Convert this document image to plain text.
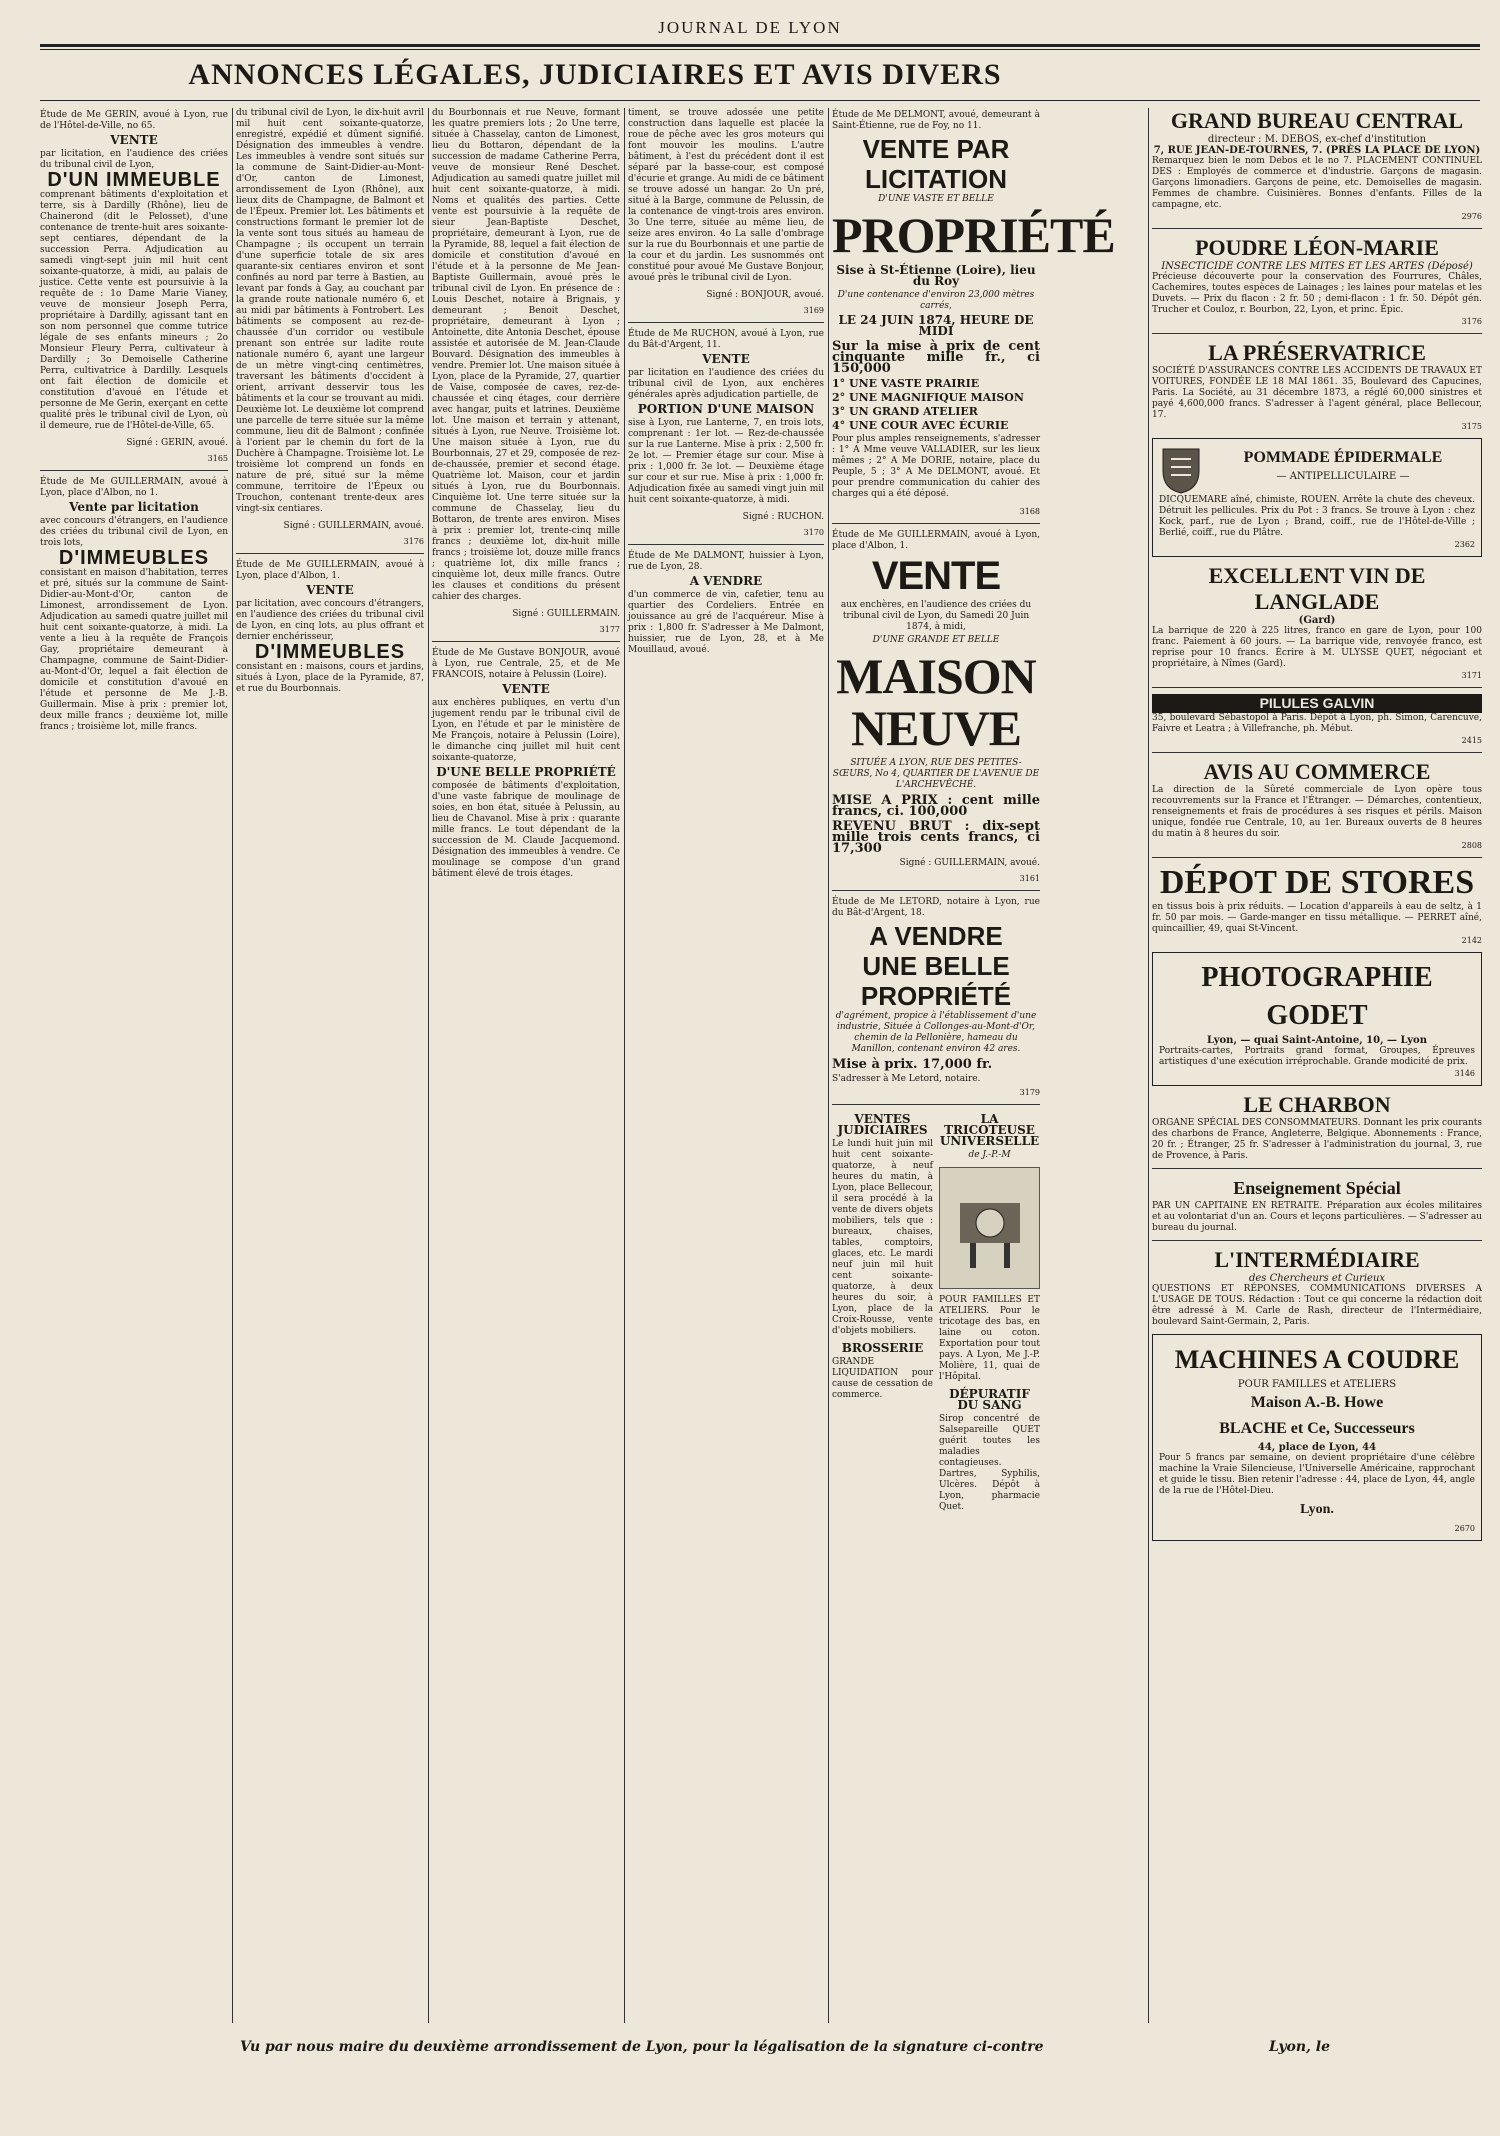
JOURNAL DE LYON
ANNONCES LÉGALES, JUDICIAIRES ET AVIS DIVERS
Étude de Me GERIN, avoué à Lyon, rue de l'Hôtel-de-Ville, no 65.
VENTE
par licitation, en l'audience des criées du tribunal civil de Lyon,
D'UN IMMEUBLE
comprenant bâtiments d'exploitation et terre, sis à Dardilly (Rhône), lieu de Chainerond (dit le Pelosset), d'une contenance de trente-huit ares soixante-sept centiares, dépendant de la succession Perra. Adjudication au samedi vingt-sept juin mil huit cent soixante-quatorze, à midi, au palais de justice. Cette vente est poursuivie à la requête de : 1o Dame Marie Vianey, veuve de monsieur Joseph Perra, propriétaire à Dardilly, agissant tant en son nom personnel que comme tutrice légale de ses enfants mineurs ; 2o Monsieur Fleury Perra, cultivateur à Dardilly ; 3o Demoiselle Catherine Perra, cultivatrice à Dardilly. Lesquels ont fait élection de domicile et constitution d'avoué en l'étude et personne de Me Gerin, exerçant en cette qualité près le tribunal civil de Lyon, où il demeure, rue de l'Hôtel-de-Ville, 65.
Signé : GERIN, avoué.
3165
Étude de Me GUILLERMAIN, avoué à Lyon, place d'Albon, no 1.
Vente par licitation
avec concours d'étrangers, en l'audience des criées du tribunal civil de Lyon, en trois lots,
D'IMMEUBLES
consistant en maison d'habitation, terres et pré, situés sur la commune de Saint-Didier-au-Mont-d'Or, canton de Limonest, arrondissement de Lyon. Adjudication au samedi quatre juillet mil huit cent soixante-quatorze, à midi. La vente a lieu à la requête de François Gay, propriétaire demeurant à Champagne, commune de Saint-Didier-au-Mont-d'Or, lequel a fait élection de domicile et constitution d'avoué en l'étude et personne de Me J.-B. Guillermain. Mise à prix : premier lot, deux mille francs ; deuxième lot, mille francs ; troisième lot, mille francs.
du tribunal civil de Lyon, le dix-huit avril mil huit cent soixante-quatorze, enregistré, expédié et dûment signifié. Désignation des immeubles à vendre. Les immeubles à vendre sont situés sur la commune de Saint-Didier-au-Mont-d'Or, canton de Limonest, arrondissement de Lyon (Rhône), aux lieux dits de Champagne, de Balmont et de l'Épeux. Premier lot. Les bâtiments et constructions formant le premier lot de la vente sont tous situés au hameau de Champagne ; ils occupent un terrain d'une superficie totale de six ares quarante-six centiares environ et sont confinés au nord par terre à Bastien, au levant par fonds à Gay, au couchant par la grande route nationale numéro 6, et au midi par bâtiments à Fontrobert. Les bâtiments se composent au rez-de-chaussée d'un corridor ou vestibule prenant son entrée sur ladite route nationale numéro 6, ayant une largeur de un mètre vingt-cinq centimètres, traversant les bâtiments d'occident à orient, arrivant desservir tous les bâtiments et la cour se trouvant au midi. Deuxième lot. Le deuxième lot comprend une parcelle de terre située sur la même commune, lieu dit de Balmont ; confinée à l'orient par le chemin du fort de la Duchère à Champagne. Troisième lot. Le troisième lot comprend un fonds en nature de pré, situé sur la même commune, territoire de l'Épeux ou Trouchon, contenant trente-deux ares vingt-six centiares.
Signé : GUILLERMAIN, avoué.
3176
Étude de Me GUILLERMAIN, avoué à Lyon, place d'Albon, 1.
VENTE
par licitation, avec concours d'étrangers, en l'audience des criées du tribunal civil de Lyon, en cinq lots, au plus offrant et dernier enchérisseur,
D'IMMEUBLES
consistant en : maisons, cours et jardins, situés à Lyon, place de la Pyramide, 87, et rue du Bourbonnais.
du Bourbonnais et rue Neuve, formant les quatre premiers lots ; 2o Une terre, située à Chasselay, canton de Limonest, lieu du Bottaron, dépendant de la succession de madame Catherine Perra, veuve de monsieur René Deschet. Adjudication au samedi quatre juillet mil huit cent soixante-quatorze, à midi. Noms et qualités des parties. Cette vente est poursuivie à la requête de sieur Jean-Baptiste Deschet, propriétaire, demeurant à Lyon, rue de la Pyramide, 88, lequel a fait élection de domicile et constitution d'avoué en l'étude et à la personne de Me Jean-Baptiste Guillermain, avoué près le tribunal civil de Lyon. En présence de : Louis Deschet, notaire à Brignais, y demeurant ; Benoit Deschet, propriétaire, demeurant à Lyon ; Antoinette, dite Antonia Deschet, épouse assistée et autorisée de M. Jean-Claude Bouvard. Désignation des immeubles à vendre. Premier lot. Une maison située à Lyon, place de la Pyramide, 27, quartier de Vaise, composée de caves, rez-de-chaussée et cinq étages, cour derrière avec hangar, puits et latrines. Deuxième lot. Une maison et terrain y attenant, situés à Lyon, rue Neuve. Troisième lot. Une maison située à Lyon, rue du Bourbonnais, 27 et 29, composée de rez-de-chaussée, premier et second étage. Quatrième lot. Maison, cour et jardin situés à Lyon, rue du Bourbonnais. Cinquième lot. Une terre située sur la commune de Chasselay, lieu du Bottaron, de trente ares environ. Mises à prix : premier lot, trente-cinq mille francs ; deuxième lot, dix-huit mille francs ; troisième lot, douze mille francs ; quatrième lot, dix mille francs ; cinquième lot, deux mille francs. Outre les clauses et conditions du présent cahier des charges.
Signé : GUILLERMAIN.
3177
Étude de Me Gustave BONJOUR, avoué à Lyon, rue Centrale, 25, et de Me FRANCOIS, notaire à Pelussin (Loire).
VENTE
aux enchères publiques, en vertu d'un jugement rendu par le tribunal civil de Lyon, en l'étude et par le ministère de Me François, notaire à Pelussin (Loire), le dimanche cinq juillet mil huit cent soixante-quatorze,
D'UNE BELLE PROPRIÉTÉ
composée de bâtiments d'exploitation, d'une vaste fabrique de moulinage de soies, en bon état, située à Pelussin, au lieu de Chavanol. Mise à prix : quarante mille francs. Le tout dépendant de la succession de M. Claude Jacquemond. Désignation des immeubles à vendre. Ce moulinage se compose d'un grand bâtiment élevé de trois étages.
timent, se trouve adossée une petite construction dans laquelle est placée la roue de pêche avec les gros moteurs qui font mouvoir les moulins. L'autre bâtiment, à l'est du précédent dont il est séparé par la basse-cour, est composé d'écurie et grange. Au midi de ce bâtiment se trouve adossé un hangar. 2o Un pré, situé à la Barge, commune de Pelussin, de la contenance de vingt-trois ares environ. 3o Une terre, située au même lieu, de seize ares environ. 4o La salle d'ombrage sur la rue du Bourbonnais et une partie de la cour et du jardin. Les susnommés ont constitué pour avoué Me Gustave Bonjour, avoué près le tribunal civil de Lyon.
Signé : BONJOUR, avoué.
3169
Étude de Me RUCHON, avoué à Lyon, rue du Bât-d'Argent, 11.
VENTE
par licitation en l'audience des criées du tribunal civil de Lyon, aux enchères générales après adjudication partielle, de
PORTION D'UNE MAISON
sise à Lyon, rue Lanterne, 7, en trois lots, comprenant : 1er lot. — Rez-de-chaussée sur la rue Lanterne. Mise à prix : 2,500 fr. 2e lot. — Premier étage sur cour. Mise à prix : 1,000 fr. 3e lot. — Deuxième étage sur cour et sur rue. Mise à prix : 1,000 fr. Adjudication fixée au samedi vingt juin mil huit cent soixante-quatorze, à midi.
Signé : RUCHON.
3170
Étude de Me DALMONT, huissier à Lyon, rue de Lyon, 28.
A VENDRE
d'un commerce de vin, cafetier, tenu au quartier des Cordeliers. Entrée en jouissance au gré de l'acquéreur. Mise à prix : 1,800 fr. S'adresser à Me Dalmont, huissier, rue de Lyon, 28, et à Me Mouillaud, avoué.
Étude de Me DELMONT, avoué, demeurant à Saint-Étienne, rue de Foy, no 11.
VENTE PAR LICITATION
D'UNE VASTE ET BELLE
PROPRIÉTÉ
Sise à St-Étienne (Loire), lieu du Roy
D'une contenance d'environ 23,000 mètres carrés,
LE 24 JUIN 1874, HEURE DE MIDI
Sur la mise à prix de cent cinquante mille fr., ci 150,000
1° UNE VASTE PRAIRIE
2° UNE MAGNIFIQUE MAISON
3° UN GRAND ATELIER
4° UNE COUR AVEC ÉCURIE
Pour plus amples renseignements, s'adresser : 1° A Mme veuve VALLADIER, sur les lieux mêmes ; 2° A Me DORIE, notaire, place du Peuple, 5 ; 3° A Me DELMONT, avoué. Et pour prendre communication du cahier des charges qui a été déposé.
3168
Étude de Me GUILLERMAIN, avoué à Lyon, place d'Albon, 1.
VENTE
aux enchères, en l'audience des criées du tribunal civil de Lyon, du Samedi 20 Juin 1874, à midi,
D'UNE GRANDE ET BELLE
MAISON NEUVE
SITUÉE A LYON, RUE DES PETITES-SŒURS, No 4, QUARTIER DE L'AVENUE DE L'ARCHEVÊCHÉ.
MISE A PRIX : cent mille francs, ci. 100,000
REVENU BRUT : dix-sept mille trois cents francs, ci 17,300
Signé : GUILLERMAIN, avoué.
3161
Étude de Me LETORD, notaire à Lyon, rue du Bât-d'Argent, 18.
A VENDRE
UNE BELLE PROPRIÉTÉ
d'agrément, propice à l'établissement d'une industrie, Située à Collonges-au-Mont-d'Or, chemin de la Pellonière, hameau du Manillon, contenant environ 42 ares.
Mise à prix. 17,000 fr.
S'adresser à Me Letord, notaire.
3179
VENTES JUDICIAIRES
Le lundi huit juin mil huit cent soixante-quatorze, à neuf heures du matin, à Lyon, place Bellecour, il sera procédé à la vente de divers objets mobiliers, tels que : bureaux, chaises, tables, comptoirs, glaces, etc. Le mardi neuf juin mil huit cent soixante-quatorze, à deux heures du soir, à Lyon, place de la Croix-Rousse, vente d'objets mobiliers.
BROSSERIE
GRANDE LIQUIDATION pour cause de cessation de commerce.
LA TRICOTEUSE UNIVERSELLE
de J.-P.-M
POUR FAMILLES ET ATELIERS. Pour le tricotage des bas, en laine ou coton. Exportation pour tout pays. A Lyon, Me J.-P. Molière, 11, quai de l'Hôpital.
DÉPURATIF DU SANG
Sirop concentré de Salsepareille QUET guérit toutes les maladies contagieuses. Dartres, Syphilis, Ulcères. Dépôt à Lyon, pharmacie Quet.
GRAND BUREAU CENTRAL
directeur : M. DEBOS, ex-chef d'institution
7, RUE JEAN-DE-TOURNES, 7. (PRÈS LA PLACE DE LYON)
Remarquez bien le nom Debos et le no 7. PLACEMENT CONTINUEL DES : Employés de commerce et d'industrie. Garçons de magasin. Garçons limonadiers. Garçons de peine, etc. Demoiselles de magasin. Femmes de chambre. Cuisinières. Bonnes d'enfants. Filles de la campagne, etc.
2976
POUDRE LÉON-MARIE
INSECTICIDE CONTRE LES MITES ET LES ARTES (Déposé)
Précieuse découverte pour la conservation des Fourrures, Châles, Cachemires, toutes espèces de Lainages ; les laines pour matelas et les Duvets. — Prix du flacon : 2 fr. 50 ; demi-flacon : 1 fr. 50. Dépôt gén. Trucher et Couloz, r. Bourbon, 22, Lyon, et princ. Épic.
3176
LA PRÉSERVATRICE
SOCIÉTÉ D'ASSURANCES CONTRE LES ACCIDENTS DE TRAVAUX ET VOITURES, FONDÉE LE 18 MAI 1861. 35, Boulevard des Capucines, Paris. La Société, au 31 décembre 1873, a réglé 60,000 sinistres et payé 4,600,000 francs. S'adresser à l'agent général, place Bellecour, 17.
3175
POMMADE ÉPIDERMALE
— ANTIPELLICULAIRE —
DICQUEMARE aîné, chimiste, ROUEN. Arrête la chute des cheveux. Détruit les pellicules. Prix du Pot : 3 francs. Se trouve à Lyon : chez Kock, parf., rue de Lyon ; Brand, coiff., rue de l'Hôtel-de-Ville ; Berlié, coiff., rue du Plâtre.
2362
EXCELLENT VIN DE LANGLADE
(Gard)
La barrique de 220 à 225 litres, franco en gare de Lyon, pour 100 franc. Paiement à 60 jours. — La barrique vide, renvoyée franco, est reprise pour 10 francs. Écrire à M. ULYSSE QUET, négociant et propriétaire, à Nîmes (Gard).
3171
PILULES GALVIN
35, boulevard Sébastopol à Paris. Dépôt à Lyon, ph. Simon, Carencuve, Faivre et Leatra ; à Villefranche, ph. Mébut.
2415
AVIS AU COMMERCE
La direction de la Sûreté commerciale de Lyon opère tous recouvrements sur la France et l'Étranger. — Démarches, contentieux, renseignements et frais de procédures à ses risques et périls. Maison unique, fondée rue Centrale, 10, au 1er. Bureaux ouverts de 8 heures du matin à 8 heures du soir.
2808
DÉPOT DE STORES
en tissus bois à prix réduits. — Location d'appareils à eau de seltz, à 1 fr. 50 par mois. — Garde-manger en tissu métallique. — PERRET aîné, quincaillier, 49, quai St-Vincent.
2142
PHOTOGRAPHIE GODET
Lyon, — quai Saint-Antoine, 10, — Lyon
Portraits-cartes, Portraits grand format, Groupes, Épreuves artistiques d'une exécution irréprochable. Grande modicité de prix.
3146
LE CHARBON
ORGANE SPÉCIAL DES CONSOMMATEURS. Donnant les prix courants des charbons de France, Angleterre, Belgique. Abonnements : France, 20 fr. ; Étranger, 25 fr. S'adresser à l'administration du journal, 3, rue de Provence, à Paris.
Enseignement Spécial
PAR UN CAPITAINE EN RETRAITE. Préparation aux écoles militaires et au volontariat d'un an. Cours et leçons particulières. — S'adresser au bureau du journal.
L'INTERMÉDIAIRE
des Chercheurs et Curieux
QUESTIONS ET RÉPONSES, COMMUNICATIONS DIVERSES A L'USAGE DE TOUS. Rédaction : Tout ce qui concerne la rédaction doit être adressé à M. Carle de Rash, directeur de l'Intermédiaire, boulevard Saint-Germain, 2, Paris.
MACHINES A COUDRE
POUR FAMILLES et ATELIERS
Maison A.-B. Howe
BLACHE et Ce, Successeurs
44, place de Lyon, 44
Pour 5 francs par semaine, on devient propriétaire d'une célèbre machine la Vraie Silencieuse, l'Universelle Américaine, rapprochant et guide le tissu. Bien retenir l'adresse : 44, place de Lyon, 44, angle de la rue de l'Hôtel-Dieu.
Lyon.
2670
Vu par nous maire du deuxième arrondissement de Lyon, pour la légalisation de la signature ci-contre	Lyon, le
